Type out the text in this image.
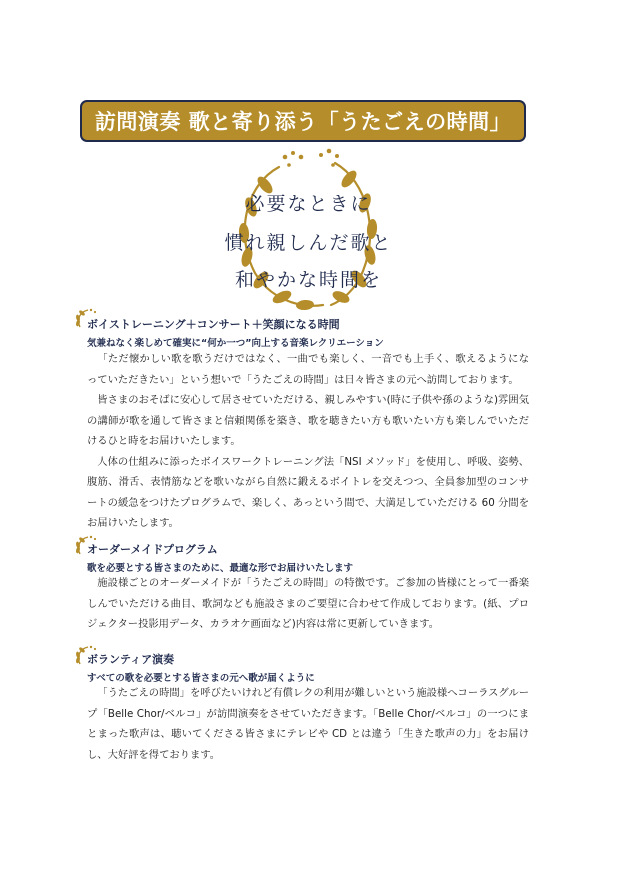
訪問演奏 歌と寄り添う「うたごえの時間」
必要なときに
慣れ親しんだ歌と
和やかな時間を
ボイストレーニング＋コンサート＋笑顔になる時間
気兼ねなく楽しめて確実に“何か一つ”向上する音楽レクリエーション

「ただ懐かしい歌を歌うだけではなく、一曲でも楽しく、一音でも上手く、歌えるようになっていただきたい」という想いで「うたごえの時間」は日々皆さまの元へ訪問しております。

皆さまのおそばに安心して居させていただける、親しみやすい(時に子供や孫のような)雰囲気の講師が歌を通して皆さまと信頼関係を築き、歌を聴きたい方も歌いたい方も楽しんでいただけるひと時をお届けいたします。

人体の仕組みに添ったボイスワークトレーニング法「NSI メソッド」を使用し、呼吸、姿勢、腹筋、滑舌、表情筋などを歌いながら自然に鍛えるボイトレを交えつつ、全員参加型のコンサートの緩急をつけたプログラムで、楽しく、あっという間で、大満足していただける 60 分間をお届けいたします。

オーダーメイドプログラム
歌を必要とする皆さまのために、最適な形でお届けいたします

施設様ごとのオーダーメイドが「うたごえの時間」の特徴です。ご参加の皆様にとって一番楽しんでいただける曲目、歌詞なども施設さまのご要望に合わせて作成しております。(紙、プロジェクター投影用データ、カラオケ画面など)内容は常に更新していきます。

ボランティア演奏
すべての歌を必要とする皆さまの元へ歌が届くように

「うたごえの時間」を呼びたいけれど有償レクの利用が難しいという施設様へコーラスグループ「Belle Chor/ベルコ」が訪問演奏をさせていただきます。「Belle Chor/ベルコ」の一つにまとまった歌声は、聴いてくださる皆さまにテレビや CD とは違う「生きた歌声の力」をお届けし、大好評を得ております。
